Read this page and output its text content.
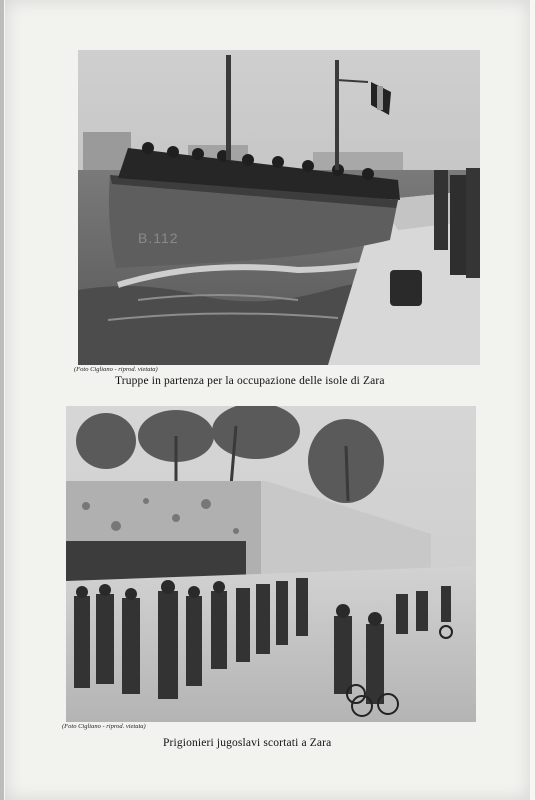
B.112
(Foto Cigliano - riprod. vietata)
Truppe in partenza per la occupazione delle isole di Zara
(Foto Cigliano - riprod. vietata)
Prigionieri jugoslavi scortati a Zara
